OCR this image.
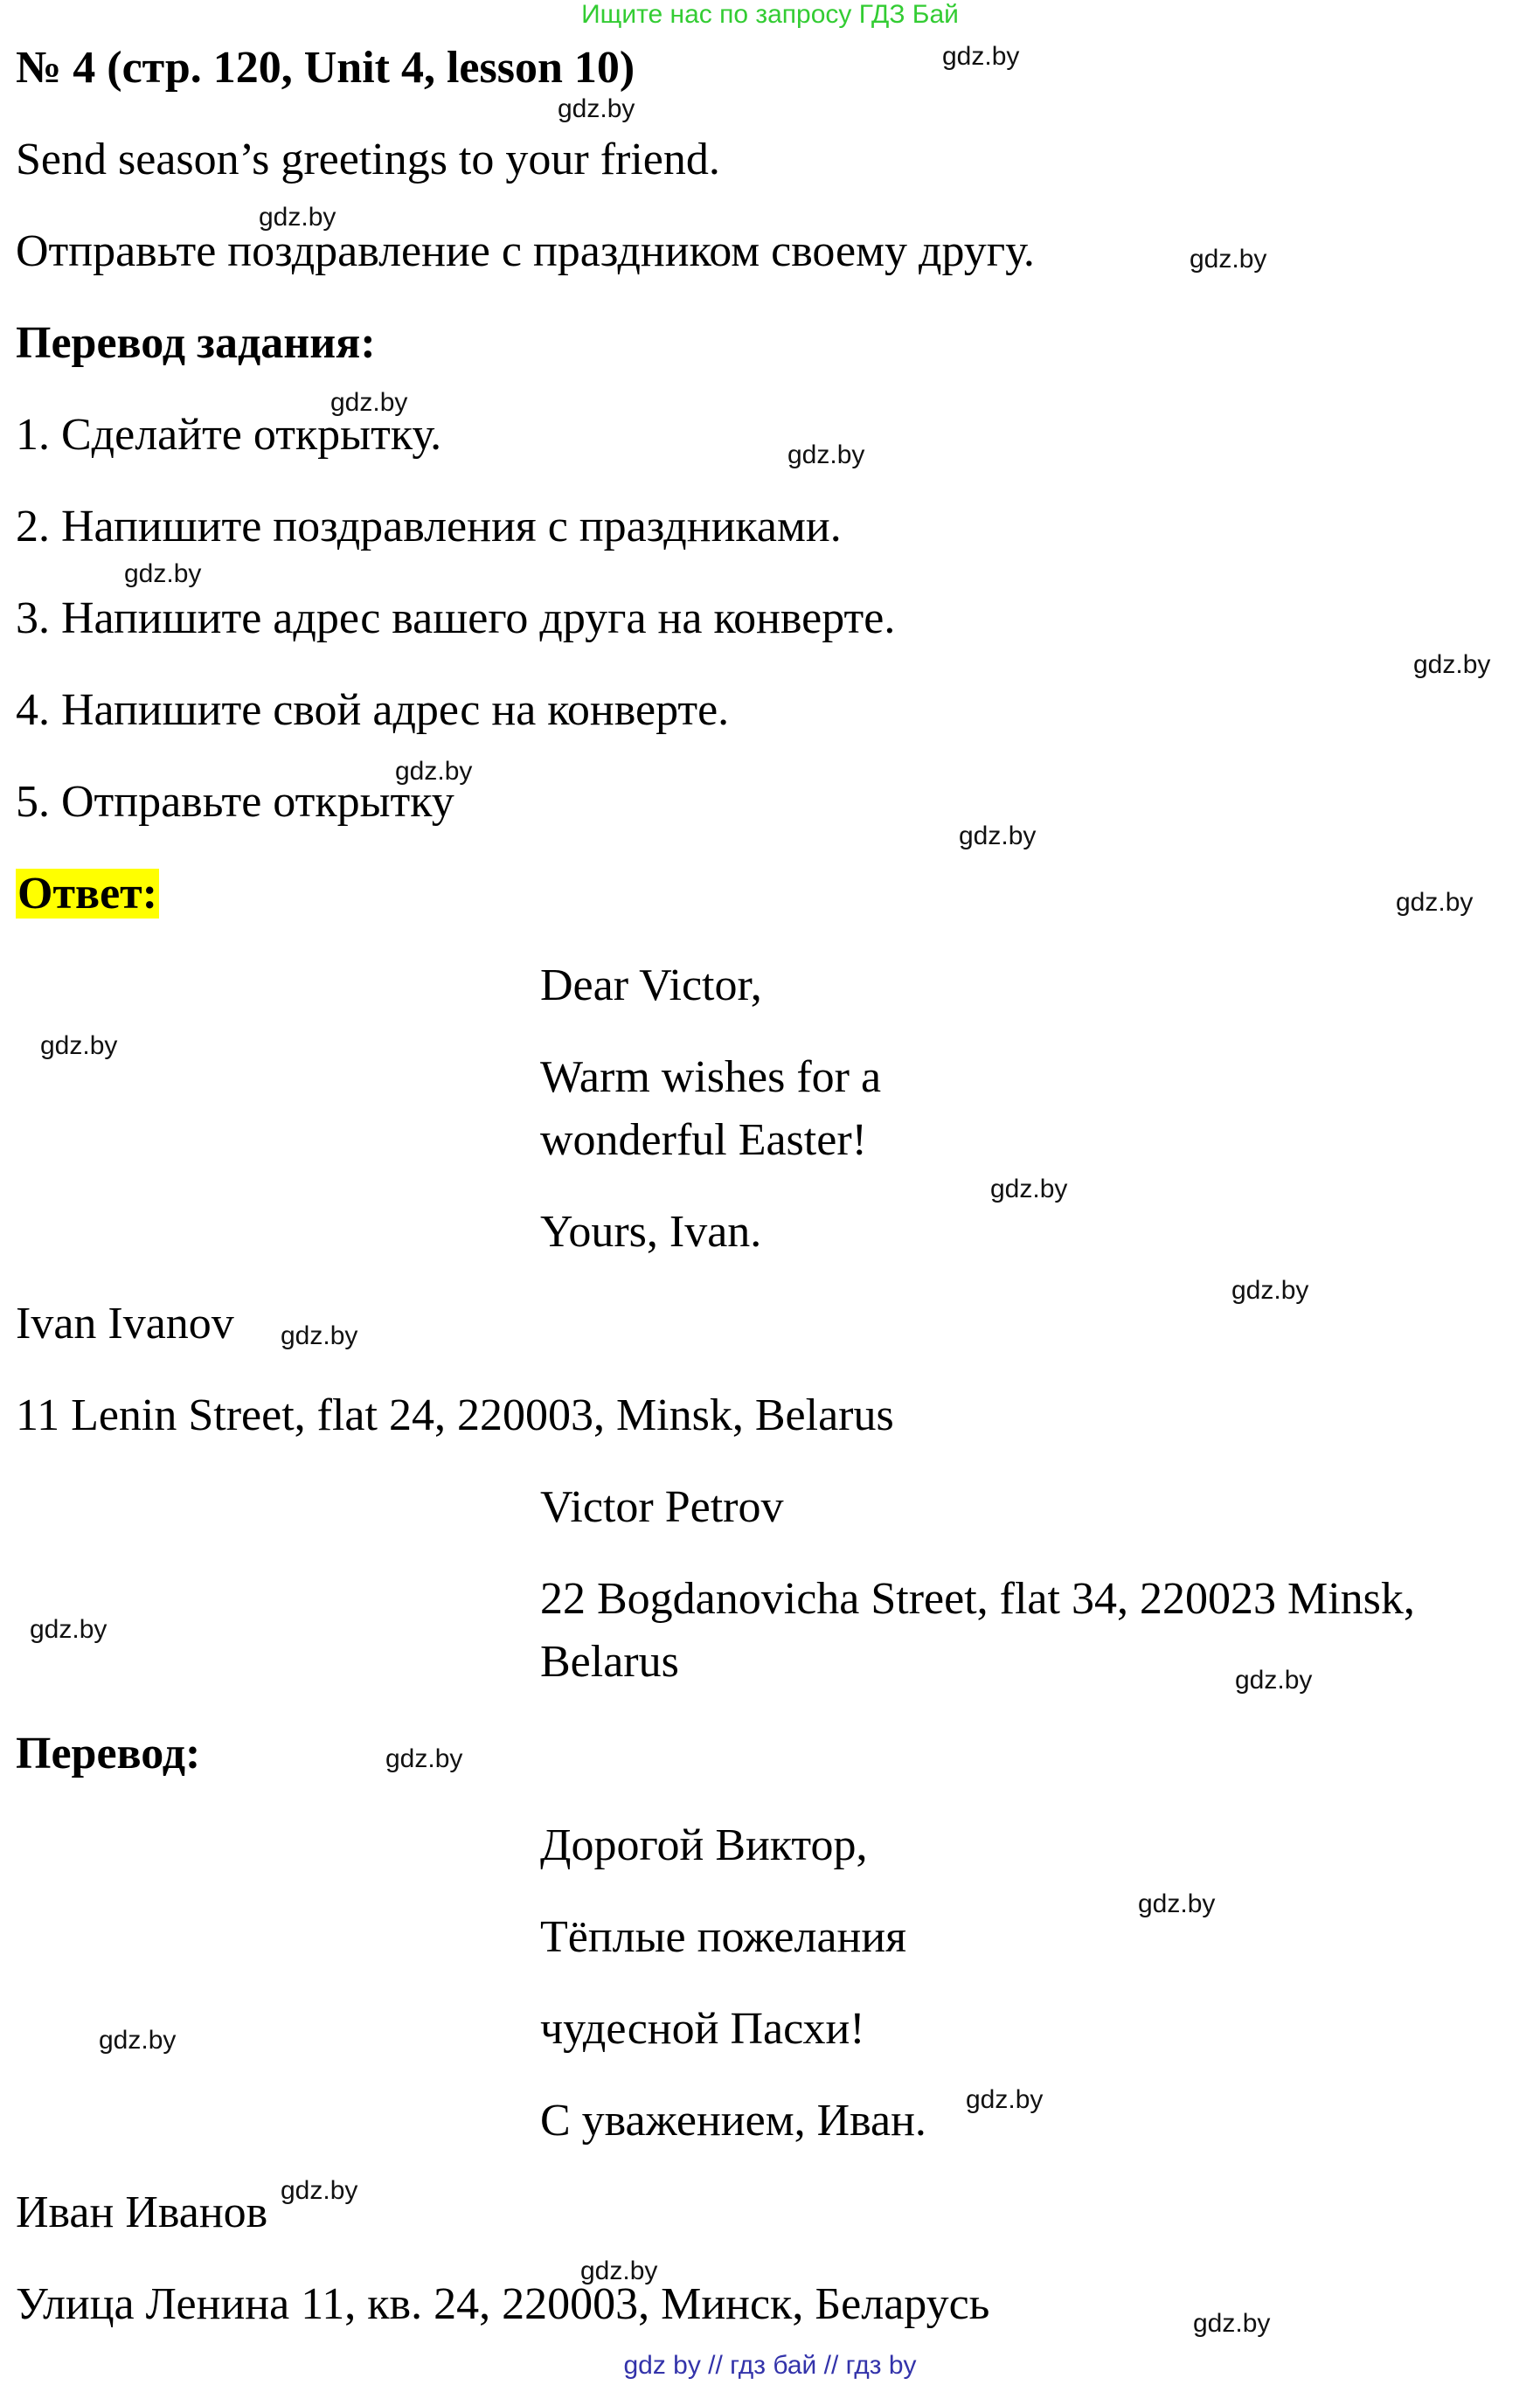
Ищите нас по запросу ГДЗ Бай
№ 4 (стр. 120, Unit 4, lesson 10)
Send season’s greetings to your friend.
Отправьте поздравление с праздником своему другу.
Перевод задания:
1. Сделайте открытку.
2. Напишите поздравления с праздниками.
3. Напишите адрес вашего друга на конверте.
4. Напишите свой адрес на конверте.
5. Отправьте открытку
Ответ:
Dear Victor,
Warm wishes for a
wonderful Easter!
Yours, Ivan.
Ivan Ivanov
11 Lenin Street, flat 24, 220003, Minsk, Belarus
Victor Petrov
22 Bogdanovicha Street, flat 34, 220023 Minsk,
Belarus
Перевод:
Дорогой Виктор,
Тёплые пожелания
чудесной Пасхи!
С уважением, Иван.
Иван Иванов
Улица Ленина 11, кв. 24, 220003, Минск, Беларусь
gdz.by
gdz.by
gdz.by
gdz.by
gdz.by
gdz.by
gdz.by
gdz.by
gdz.by
gdz.by
gdz.by
gdz.by
gdz.by
gdz.by
gdz.by
gdz.by
gdz.by
gdz.by
gdz.by
gdz.by
gdz.by
gdz.by
gdz.by
gdz.by
gdz by // гдз бай // гдз by
